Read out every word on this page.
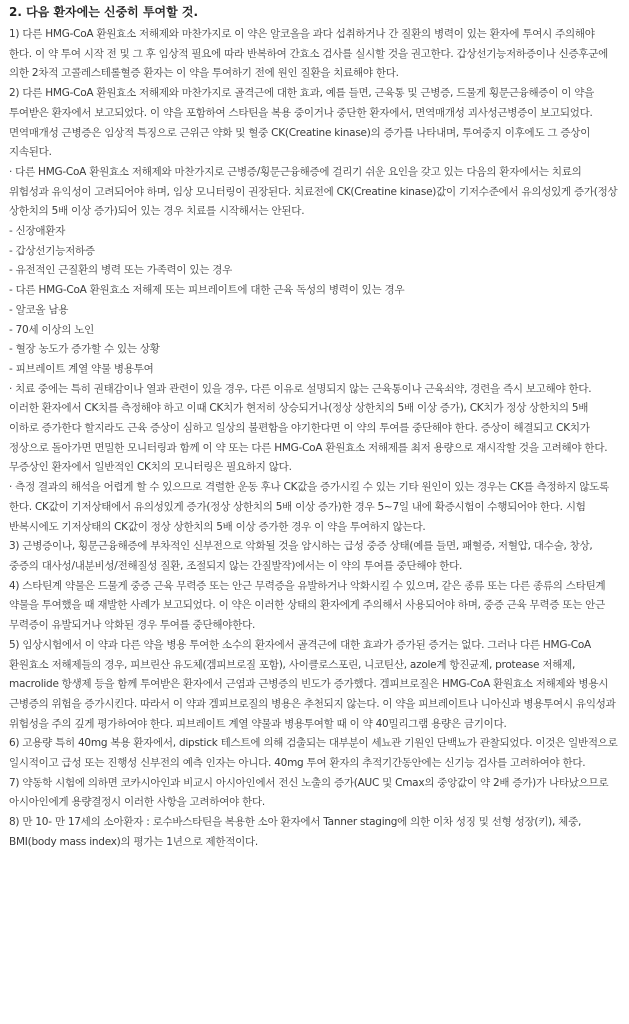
2. 다음 환자에는 신중히 투여할 것.

1) 다른 HMG-CoA 환원효소 저해제와 마찬가지로 이 약은 알코올을 과다 섭취하거나 간 질환의 병력이 있는 환자에 투여시 주의해야 한다. 이 약 투여 시작 전 및 그 후 임상적 필요에 따라 반복하여 간효소 검사를 실시할 것을 권고한다. 갑상선기능저하증이나 신증후군에 의한 2차적 고콜레스테롤혈증 환자는 이 약을 투여하기 전에 원인 질환을 치료해야 한다.

2) 다른 HMG-CoA 환원효소 저해제와 마찬가지로 골격근에 대한 효과, 예를 들면, 근육통 및 근병증, 드물게 횡문근융해증이 이 약을 투여받은 환자에서 보고되었다. 이 약을 포함하여 스타틴을 복용 중이거나 중단한 환자에서, 면역매개성 괴사성근병증이 보고되었다. 면역매개성 근병증은 임상적 특징으로 근위근 약화 및 혈중 CK(Creatine kinase)의 증가를 나타내며, 투여중지 이후에도 그 증상이 지속된다.

· 다른 HMG-CoA 환원효소 저해제와 마찬가지로 근병증/횡문근융해증에 걸리기 쉬운 요인을 갖고 있는 다음의 환자에서는 치료의 위험성과 유익성이 고려되어야 하며, 임상 모니터링이 권장된다. 치료전에 CK(Creatine kinase)값이 기저수준에서 유의성있게 증가(정상 상한치의 5배 이상 증가)되어 있는 경우 치료를 시작해서는 안된다.

- 신장애환자

- 갑상선기능저하증

- 유전적인 근질환의 병력 또는 가족력이 있는 경우

- 다른 HMG-CoA 환원효소 저해제 또는 피브레이트에 대한 근육 독성의 병력이 있는 경우

- 알코올 남용

- 70세 이상의 노인

- 혈장 농도가 증가할 수 있는 상황

- 피브레이트 계열 약물 병용투여

· 치료 중에는 특히 권태감이나 열과 관련이 있을 경우, 다른 이유로 설명되지 않는 근육통이나 근육쇠약, 경련을 즉시 보고해야 한다. 이러한 환자에서 CK치를 측정해야 하고 이때 CK치가 현저히 상승되거나(정상 상한치의 5배 이상 증가), CK치가 정상 상한치의 5배 이하로 증가한다 할지라도 근육 증상이 심하고 일상의 불편함을 야기한다면 이 약의 투여를 중단해야 한다. 증상이 해결되고 CK치가 정상으로 돌아가면 면밀한 모니터링과 함께 이 약 또는 다른 HMG-CoA 환원효소 저해제를 최저 용량으로 재시작할 것을 고려해야 한다. 무증상인 환자에서 일반적인 CK치의 모니터링은 필요하지 않다.

· 측정 결과의 해석을 어렵게 할 수 있으므로 격렬한 운동 후나 CK값을 증가시킬 수 있는 기타 원인이 있는 경우는 CK를 측정하지 않도록 한다. CK값이 기저상태에서 유의성있게 증가(정상 상한치의 5배 이상 증가)한 경우 5~7일 내에 확증시험이 수행되어야 한다. 시험 반복시에도 기저상태의 CK값이 정상 상한치의 5배 이상 증가한 경우 이 약을 투여하지 않는다.

3) 근병증이나, 횡문근융해증에 부차적인 신부전으로 악화될 것을 암시하는 급성 중증 상태(예를 들면, 패혈증, 저혈압, 대수술, 창상, 중증의 대사성/내분비성/전해질성 질환, 조절되지 않는 간질발작)에서는 이 약의 투여를 중단해야 한다.

4) 스타틴계 약물은 드물게 중증 근육 무력증 또는 안근 무력증을 유발하거나 악화시킬 수 있으며, 같은 종류 또는 다른 종류의 스타틴계 약물을 투여했을 때 재발한 사례가 보고되었다. 이 약은 이러한 상태의 환자에게 주의해서 사용되어야 하며, 중증 근육 무력증 또는 안근 무력증이 유발되거나 악화된 경우 투여를 중단해야한다.

5) 임상시험에서 이 약과 다른 약을 병용 투여한 소수의 환자에서 골격근에 대한 효과가 증가된 증거는 없다. 그러나 다른 HMG-CoA 환원효소 저해제들의 경우, 피브린산 유도체(겜피브로질 포함), 사이클로스포린, 니코틴산, azole계 항진균제, protease 저해제, macrolide 항생제 등을 함께 투여받은 환자에서 근염과 근병증의 빈도가 증가했다. 겜피브로질은 HMG-CoA 환원효소 저해제와 병용시 근병증의 위험을 증가시킨다. 따라서 이 약과 겜피브로질의 병용은 추천되지 않는다. 이 약을 피브레이트나 니아신과 병용투여시 유익성과 위험성을 주의 깊게 평가하여야 한다. 피브레이트 계열 약물과 병용투여할 때 이 약 40밀리그램 용량은 금기이다.

6) 고용량 특히 40mg 복용 환자에서, dipstick 테스트에 의해 검출되는 대부분이 세뇨관 기원인 단백뇨가 관찰되었다. 이것은 일반적으로 일시적이고 급성 또는 진행성 신부전의 예측 인자는 아니다. 40mg 투여 환자의 추적기간동안에는 신기능 검사를 고려하여야 한다.

7) 약동학 시험에 의하면 코카시아인과 비교시 아시아인에서 전신 노출의 증가(AUC 및 Cmax의 중앙값이 약 2배 증가)가 나타났으므로 아시아인에게 용량결정시 이러한 사항을 고려하여야 한다.

8) 만 10- 만 17세의 소아환자 : 로수바스타틴을 복용한 소아 환자에서 Tanner staging에 의한 이차 성징 및 선형 성장(키), 체중, BMI(body mass index)의 평가는 1년으로 제한적이다.
